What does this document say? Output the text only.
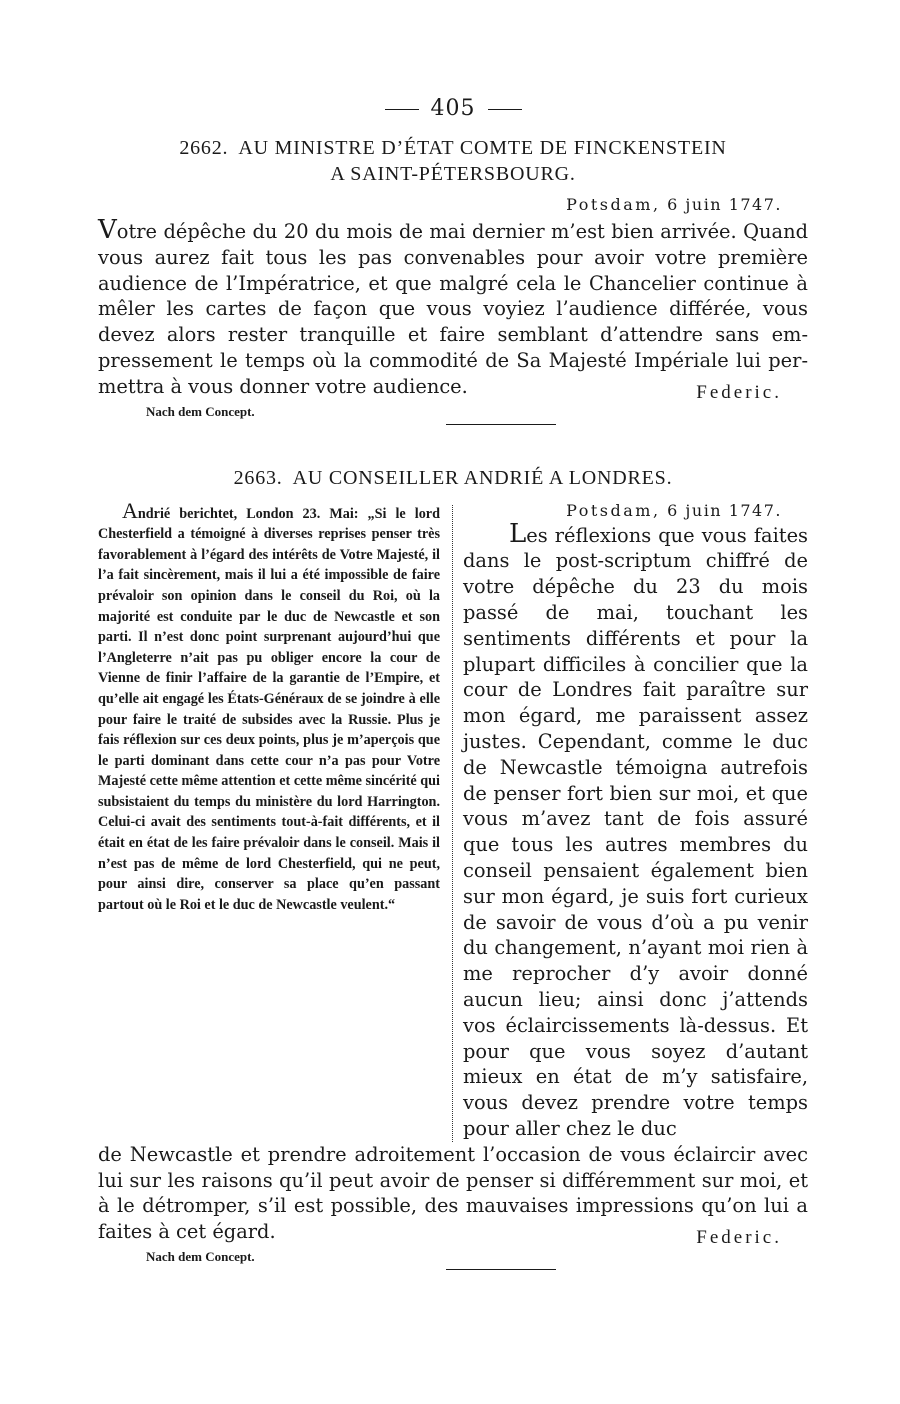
405
2662. AU MINISTRE D’ÉTAT COMTE DE FINCKENSTEIN
A SAINT-PÉTERSBOURG.
Potsdam, 6 juin 1747.
Votre dépêche du 20 du mois de mai dernier m’est bien arrivée. Quand vous aurez fait tous les pas convenables pour avoir votre première audience de l’Impératrice, et que malgré cela le Chancelier continue à mêler les cartes de façon que vous voyiez l’audience différée, vous devez alors rester tranquille et faire semblant d’attendre sans empressement le temps où la commodité de Sa Majesté Impériale lui permettra à vous donner votre audience.
Nach dem Concept.
Federic.
2663. AU CONSEILLER ANDRIÉ A LONDRES.
Andrié berichtet, London 23. Mai: „Si le lord Chesterfield a témoigné à diverses reprises penser très favorablement à l’égard des intérêts de Votre Majesté, il l’a fait sincèrement, mais il lui a été impossible de faire prévaloir son opinion dans le conseil du Roi, où la majorité est conduite par le duc de Newcastle et son parti. Il n’est donc point surprenant aujourd’hui que l’Angleterre n’ait pas pu obliger encore la cour de Vienne de finir l’affaire de la garantie de l’Empire, et qu’elle ait engagé les États-Généraux de se joindre à elle pour faire le traité de subsides avec la Russie. Plus je fais réflexion sur ces deux points, plus je m’aperçois que le parti dominant dans cette cour n’a pas pour Votre Majesté cette même attention et cette même sincérité qui subsistaient du temps du ministère du lord Harrington. Celui-ci avait des sentiments tout-à-fait différents, et il était en état de les faire prévaloir dans le conseil. Mais il n’est pas de même de lord Chesterfield, qui ne peut, pour ainsi dire, conserver sa place qu’en passant partout où le Roi et le duc de Newcastle veulent.“
Potsdam, 6 juin 1747.
Les réflexions que vous faites dans le post-scriptum chiffré de votre dépêche du 23 du mois passé de mai, touchant les sentiments différents et pour la plupart difficiles à concilier que la cour de Londres fait paraître sur mon égard, me paraissent assez justes. Cependant, comme le duc de Newcastle témoigna autrefois de penser fort bien sur moi, et que vous m’avez tant de fois assuré que tous les autres membres du conseil pensaient également bien sur mon égard, je suis fort curieux de savoir de vous d’où a pu venir du changement, n’ayant moi rien à me reprocher d’y avoir donné aucun lieu; ainsi donc j’attends vos éclaircissements là-dessus. Et pour que vous soyez d’autant mieux en état de m’y satisfaire, vous devez prendre votre temps pour aller chez le duc
de Newcastle et prendre adroitement l’occasion de vous éclaircir avec lui sur les raisons qu’il peut avoir de penser si différemment sur moi, et à le détromper, s’il est possible, des mauvaises impressions qu’on lui a faites à cet égard.
Nach dem Concept.
Federic.
